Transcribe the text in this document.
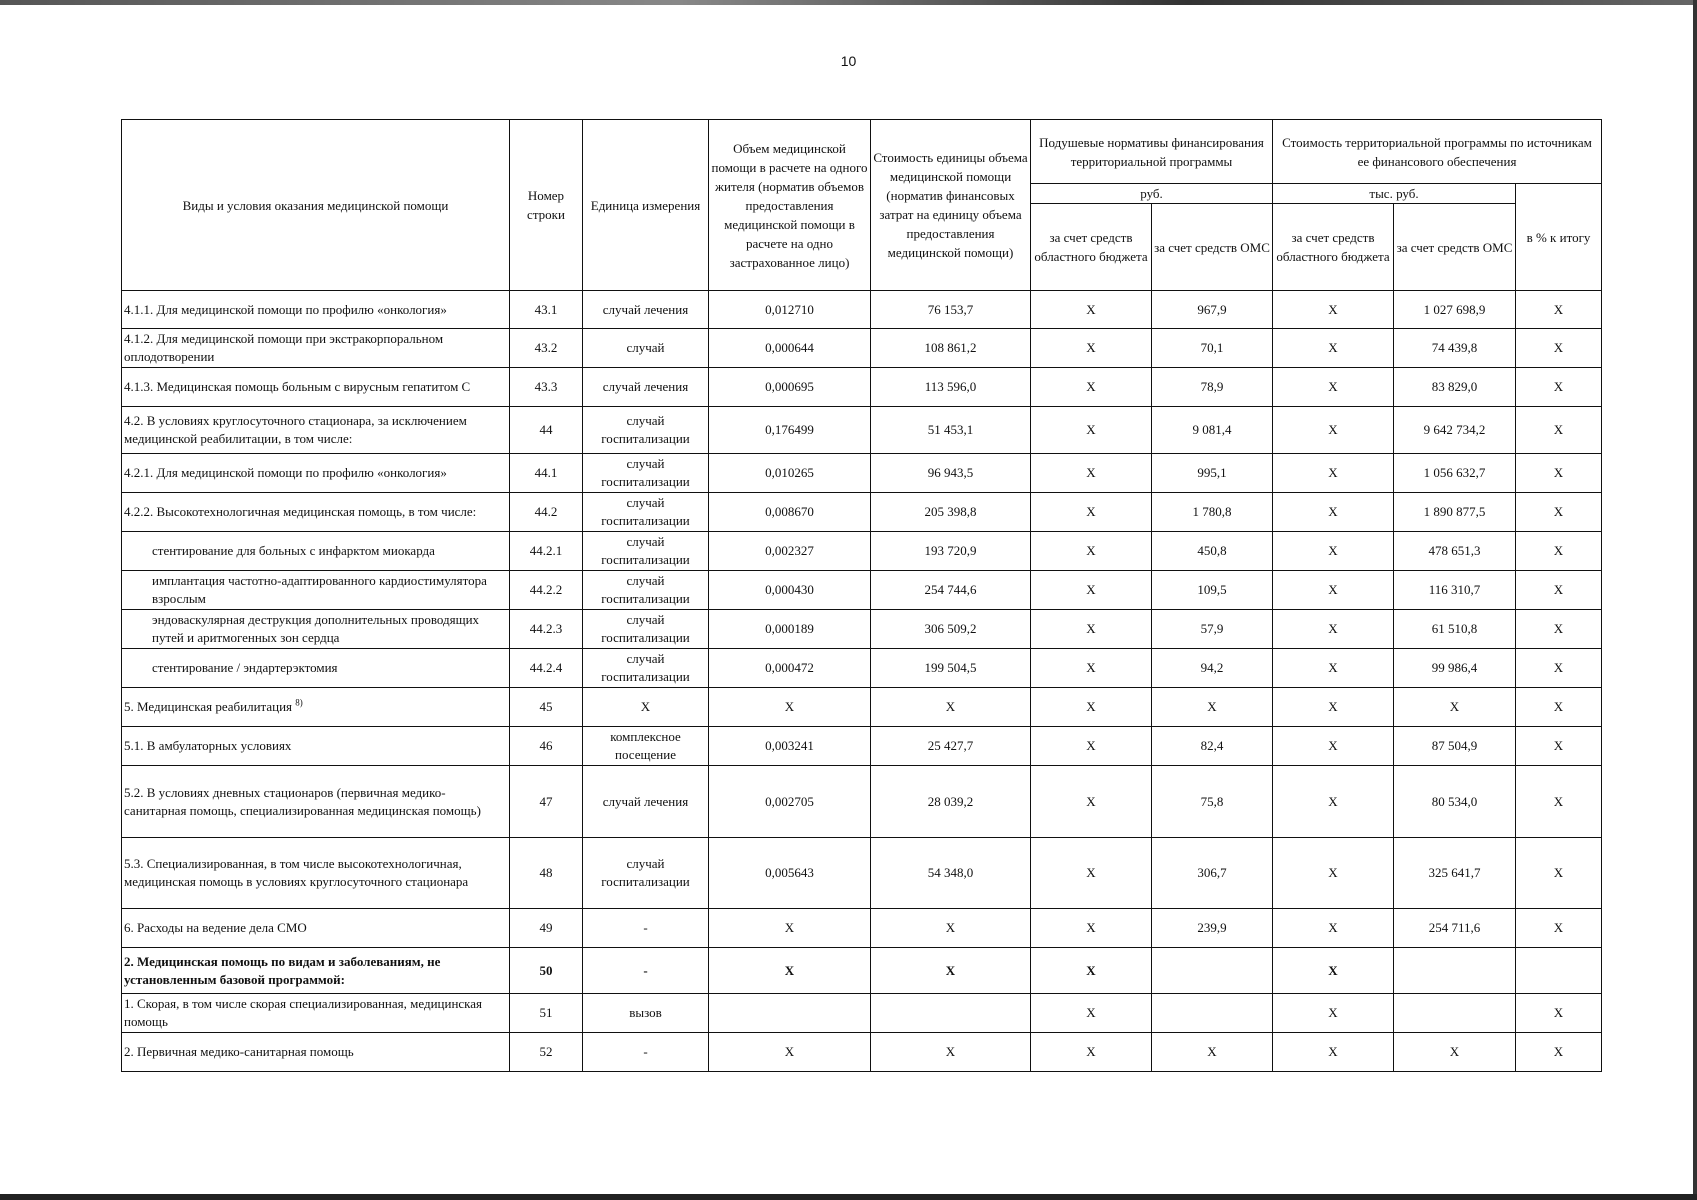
10
Виды и условия оказания медицинской помощи	Номер строки	Единица измерения	Объем медицинской помощи в расчете на одного жителя (норматив объемов предоставления медицинской помощи в расчете на одно застрахованное лицо)	Стоимость единицы объема медицинской помощи (норматив финансовых затрат на единицу объема предоставления медицинской помощи)	Подушевые нормативы финансирования территориальной программы		Стоимость территориальной программы по источникам ее финансового обеспечения		
					руб.		тыс. руб.		в % к итогу
					за счет средств областного бюджета	за счет средств ОМС	за счет средств областного бюджета	за счет средств ОМС	
4.1.1. Для медицинской помощи по профилю «онкология»	43.1	случай лечения	0,012710	76 153,7	Х	967,9	Х	1 027 698,9	Х
4.1.2. Для медицинской помощи при экстракорпоральном оплодотворении	43.2	случай	0,000644	108 861,2	Х	70,1	Х	74 439,8	Х
4.1.3. Медицинская помощь больным с вирусным гепатитом С	43.3	случай лечения	0,000695	113 596,0	Х	78,9	Х	83 829,0	Х
4.2. В условиях круглосуточного стационара, за исключением медицинской реабилитации, в том числе:	44	случай госпитализации	0,176499	51 453,1	Х	9 081,4	Х	9 642 734,2	Х
4.2.1. Для медицинской помощи по профилю «онкология»	44.1	случай госпитализации	0,010265	96 943,5	Х	995,1	Х	1 056 632,7	Х
4.2.2. Высокотехнологичная медицинская помощь, в том числе:	44.2	случай госпитализации	0,008670	205 398,8	Х	1 780,8	Х	1 890 877,5	Х
стентирование для больных с инфарктом миокарда	44.2.1	случай госпитализации	0,002327	193 720,9	Х	450,8	Х	478 651,3	Х
имплантация частотно-адаптированного кардиостимулятора взрослым	44.2.2	случай госпитализации	0,000430	254 744,6	Х	109,5	Х	116 310,7	Х
эндоваскулярная деструкция дополнительных проводящих путей и аритмогенных зон сердца	44.2.3	случай госпитализации	0,000189	306 509,2	Х	57,9	Х	61 510,8	Х
стентирование / эндартерэктомия	44.2.4	случай госпитализации	0,000472	199 504,5	Х	94,2	Х	99 986,4	Х
5. Медицинская реабилитация $^{8)}$	45	Х	Х	Х	Х	Х	Х	Х	Х
5.1. В амбулаторных условиях	46	комплексное посещение	0,003241	25 427,7	Х	82,4	Х	87 504,9	Х
5.2. В условиях дневных стационаров (первичная медико-санитарная помощь, специализированная медицинская помощь)	47	случай лечения	0,002705	28 039,2	Х	75,8	Х	80 534,0	Х
5.3. Специализированная, в том числе высокотехнологичная, медицинская помощь в условиях круглосуточного стационара	48	случай госпитализации	0,005643	54 348,0	Х	306,7	Х	325 641,7	Х
6. Расходы на ведение дела СМО	49	-	Х	Х	Х	239,9	Х	254 711,6	Х
2. Медицинская помощь по видам и заболеваниям, не установленным базовой программой:	50	-	Х	Х	Х		Х		
1. Скорая, в том числе скорая специализированная, медицинская помощь	51	вызов			Х		Х		Х
2. Первичная медико-санитарная помощь	52	-	Х	Х	Х	Х	Х	Х	Х
